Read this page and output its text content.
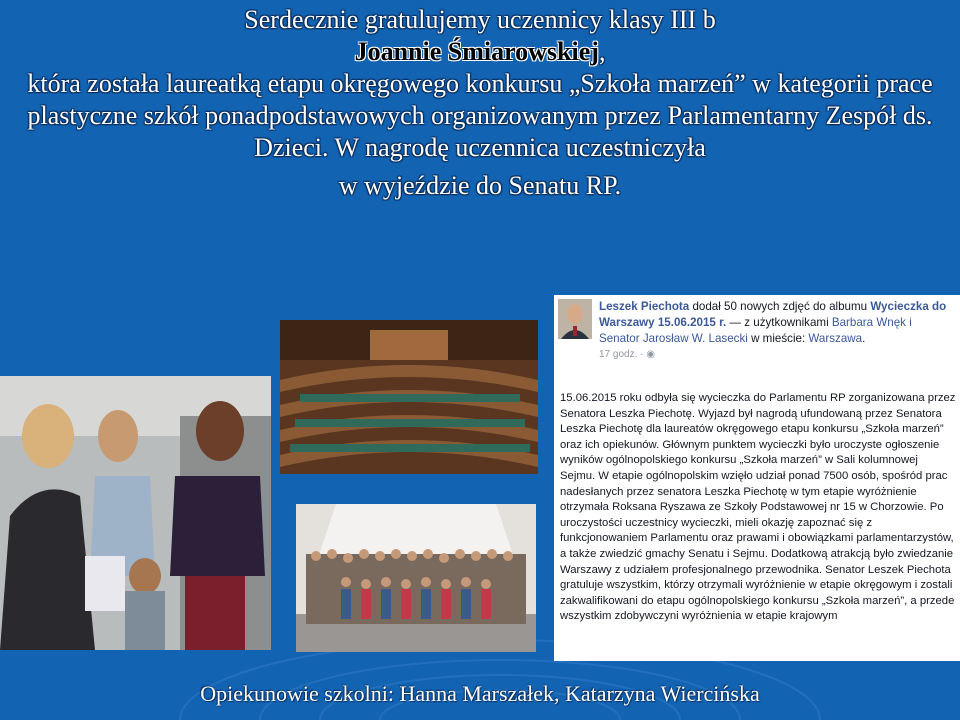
Serdecznie gratulujemy uczennicy klasy III b
Joannie Śmiarowskiej,
która została laureatką etapu okręgowego konkursu „Szkoła marzeń” w kategorii prace plastyczne szkół ponadpodstawowych organizowanym przez Parlamentarny Zespół ds. Dzieci. W nagrodę uczennica uczestniczyła
w wyjeździe do Senatu RP.
Leszek Piechota dodał 50 nowych zdjęć do albumu Wycieczka do Warszawy 15.06.2015 r. — z użytkownikami Barbara Wnęk i Senator Jarosław W. Lasecki w mieście: Warszawa.
17 godz. · ◉
15.06.2015 roku odbyła się wycieczka do Parlamentu RP zorganizowana przez Senatora Leszka Piechotę. Wyjazd był nagrodą ufundowaną przez Senatora Leszka Piechotę dla laureatów okręgowego etapu konkursu „Szkoła marzeń” oraz ich opiekunów. Głównym punktem wycieczki było uroczyste ogłoszenie wyników ogólnopolskiego konkursu „Szkoła marzeń” w Sali kolumnowej Sejmu. W etapie ogólnopolskim wzięło udział ponad 7500 osób, spośród prac nadesłanych przez senatora Leszka Piechotę w tym etapie wyróżnienie otrzymała Roksana Ryszawa ze Szkoły Podstawowej nr 15 w Chorzowie. Po uroczystości uczestnicy wycieczki, mieli okazję zapoznać się z funkcjonowaniem Parlamentu oraz prawami i obowiązkami parlamentarzystów, a także zwiedzić gmachy Senatu i Sejmu. Dodatkową atrakcją było zwiedzanie Warszawy z udziałem profesjonalnego przewodnika. Senator Leszek Piechota gratuluje wszystkim, którzy otrzymali wyróżnienie w etapie okręgowym i zostali zakwalifikowani do etapu ogólnopolskiego konkursu „Szkoła marzeń”, a przede wszystkim zdobywczyni wyróżnienia w etapie krajowym
Opiekunowie szkolni: Hanna Marszałek, Katarzyna Wiercińska
